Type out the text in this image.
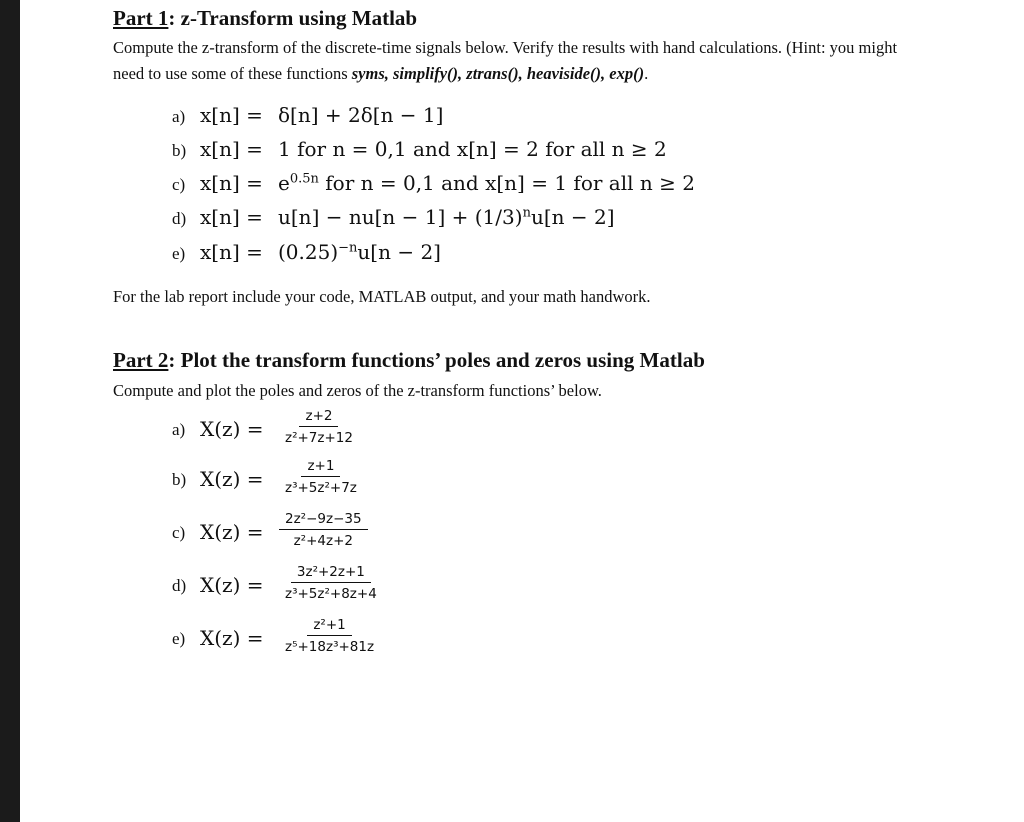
Part 1: z-Transform using Matlab
Compute the z-transform of the discrete-time signals below. Verify the results with hand calculations. (Hint: you might need to use some of these functions syms, simplify(), ztrans(), heaviside(), exp().
a) x[n] = δ[n] + 2δ[n − 1]
b) x[n] = 1 for n = 0,1 and x[n] = 2 for all n ≥ 2
c) $x[n] = e^{0.5n}$ for n = 0,1 and x[n] = 1 for all n ≥ 2
d) $x[n] = u[n] - nu[n - 1] + (1/3)^nu[n - 2]$
e) $x[n] = (0.25)^{-n}u[n - 2]$
For the lab report include your code, MATLAB output, and your math handwork.
Part 2: Plot the transform functions’ poles and zeros using Matlab
Compute and plot the poles and zeros of the z-transform functions’ below.
a) $X(z) = \frac{z+2}{\text{z²+7z+12}}$
b) $X(z) = \frac{z+1}{\text{z³+5z²+7z}}$
c) $X(z) = \frac{\text{2z²−9z−35}}{\text{z²+4z+2}}$
d) $X(z) = \frac{\text{3z²+2z+1}}{\text{z³+5z²+8z+4}}$
e) $X(z) = \frac{\text{z²+1}}{\text{z⁵+18z³+81z}}$
